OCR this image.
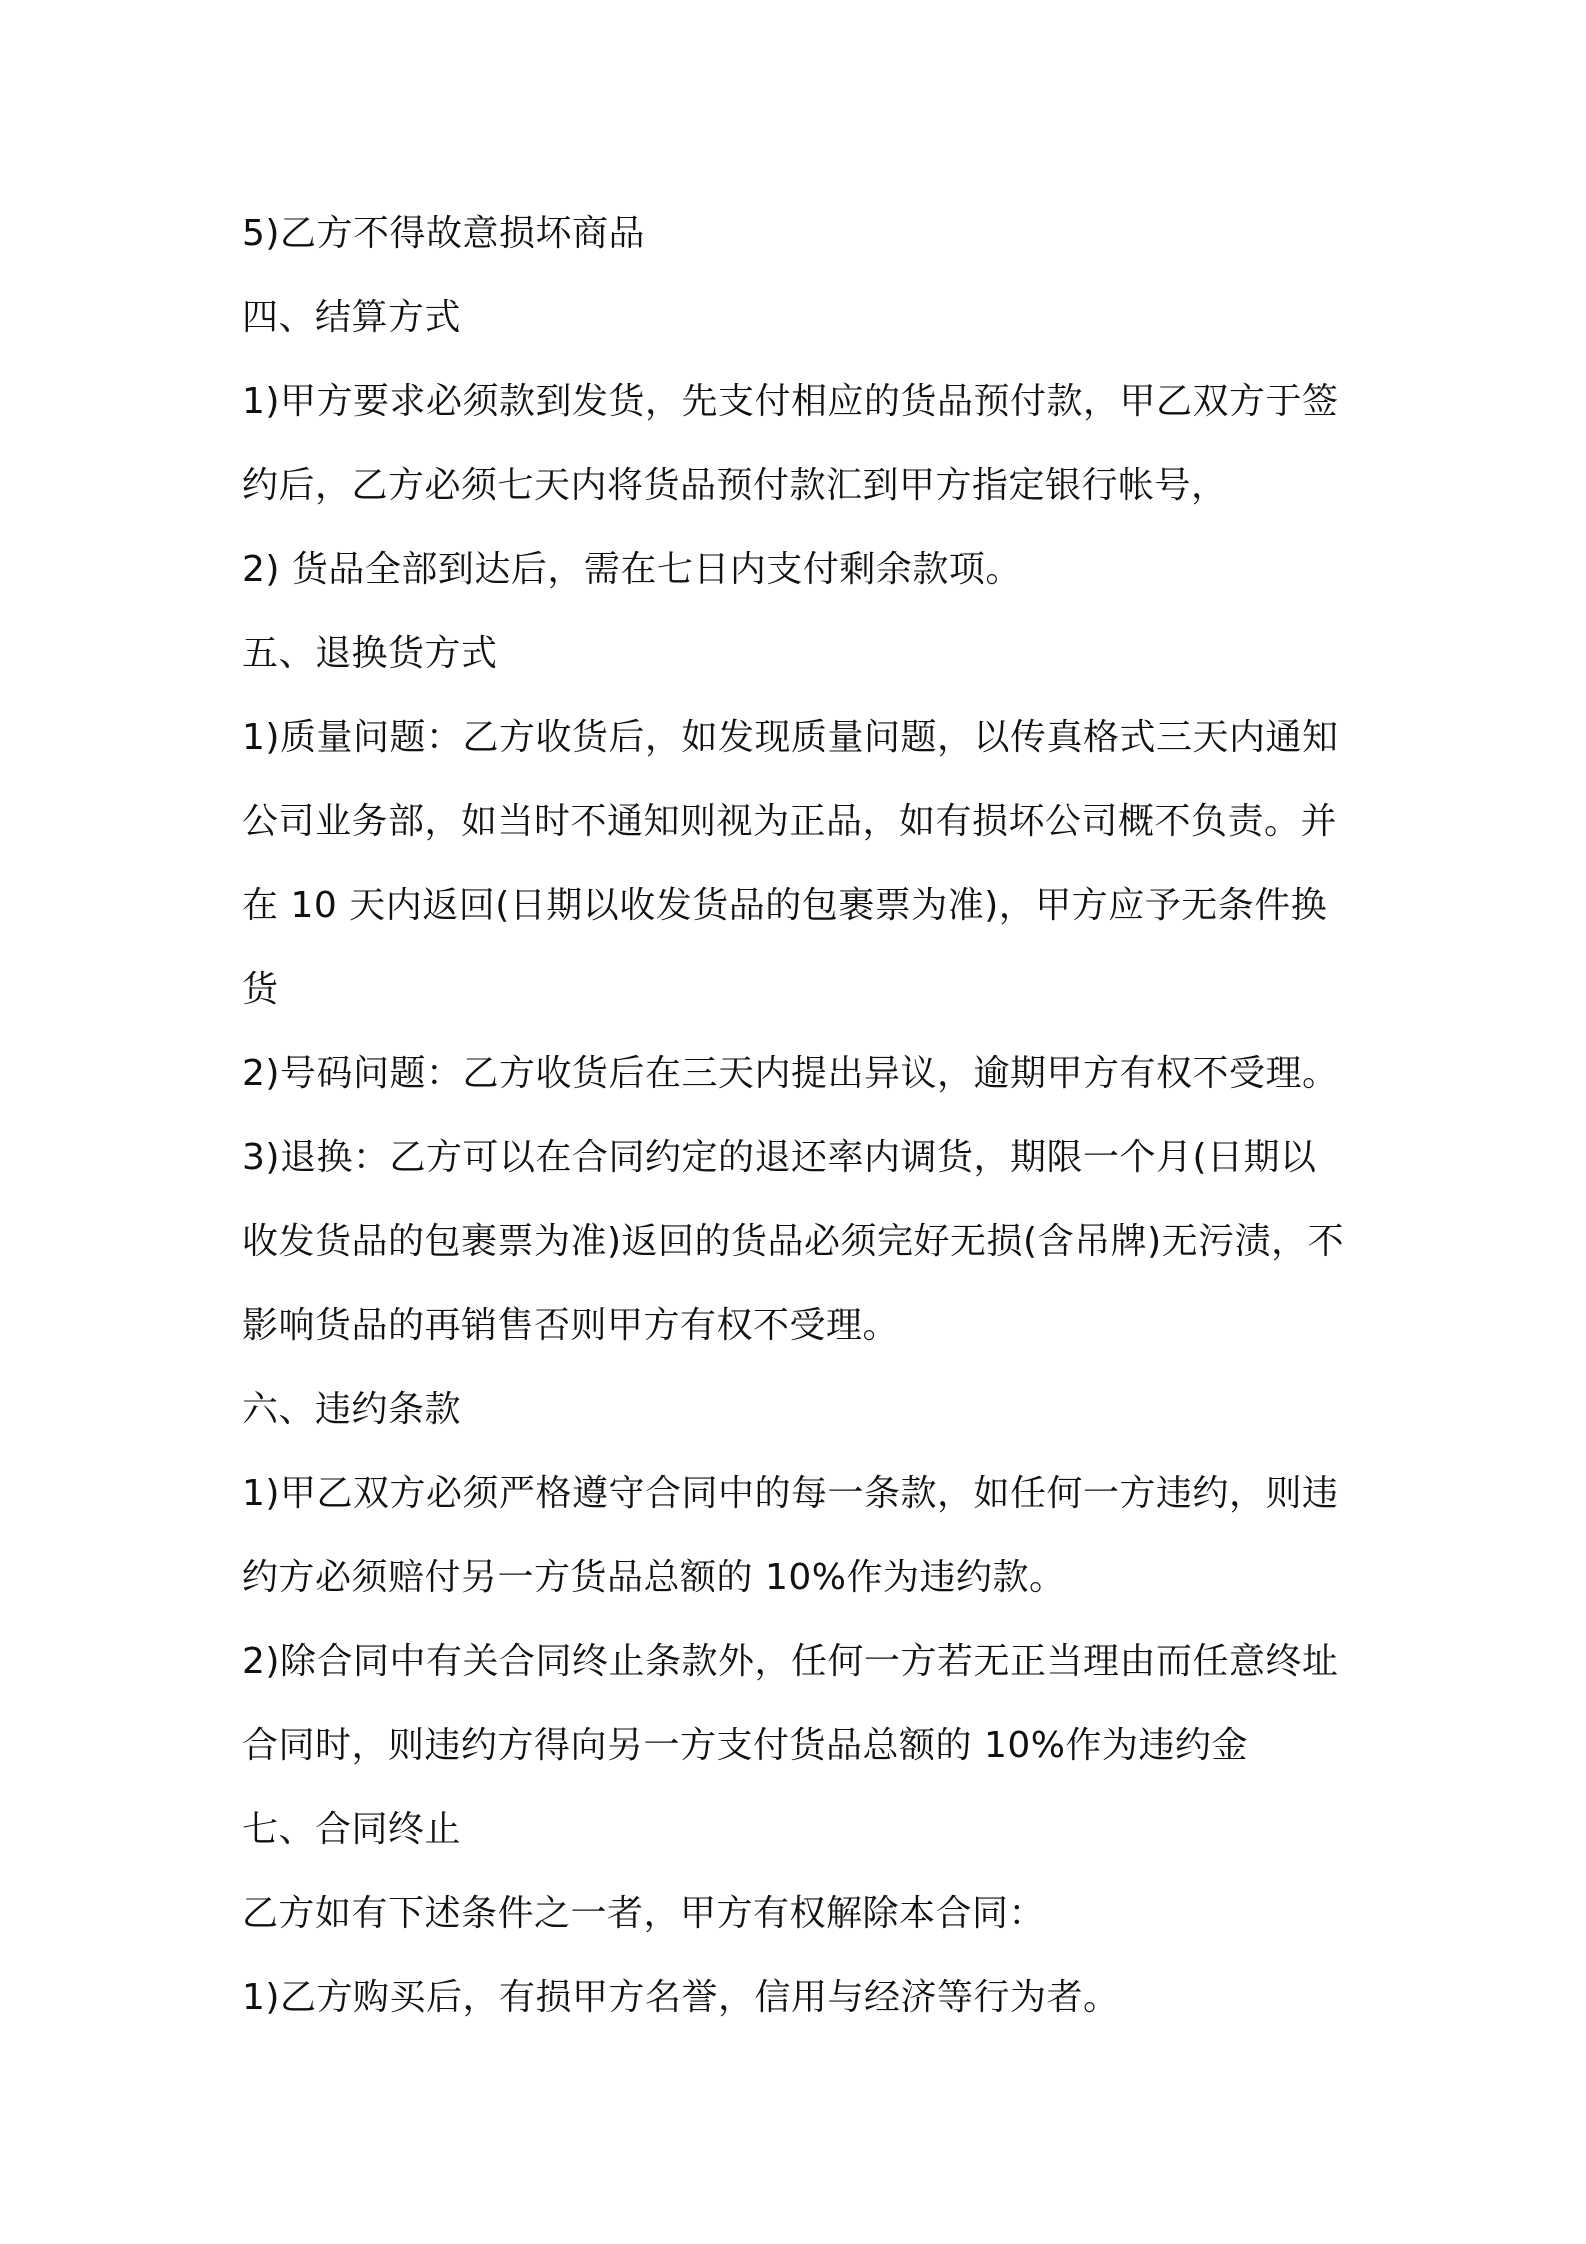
5)乙方不得故意损坏商品
四、结算方式
1)甲方要求必须款到发货，先支付相应的货品预付款，甲乙双方于签
约后，乙方必须七天内将货品预付款汇到甲方指定银行帐号，
2) 货品全部到达后，需在七日内支付剩余款项。
五、退换货方式
1)质量问题：乙方收货后，如发现质量问题，以传真格式三天内通知
公司业务部，如当时不通知则视为正品，如有损坏公司概不负责。并
在 10 天内返回(日期以收发货品的包裹票为准)，甲方应予无条件换
货
2)号码问题：乙方收货后在三天内提出异议，逾期甲方有权不受理。
3)退换：乙方可以在合同约定的退还率内调货，期限一个月(日期以
收发货品的包裹票为准)返回的货品必须完好无损(含吊牌)无污渍，不
影响货品的再销售否则甲方有权不受理。
六、违约条款
1)甲乙双方必须严格遵守合同中的每一条款，如任何一方违约，则违
约方必须赔付另一方货品总额的 10%作为违约款。
2)除合同中有关合同终止条款外，任何一方若无正当理由而任意终址
合同时，则违约方得向另一方支付货品总额的 10%作为违约金
七、合同终止
乙方如有下述条件之一者，甲方有权解除本合同：
1)乙方购买后，有损甲方名誉，信用与经济等行为者。
